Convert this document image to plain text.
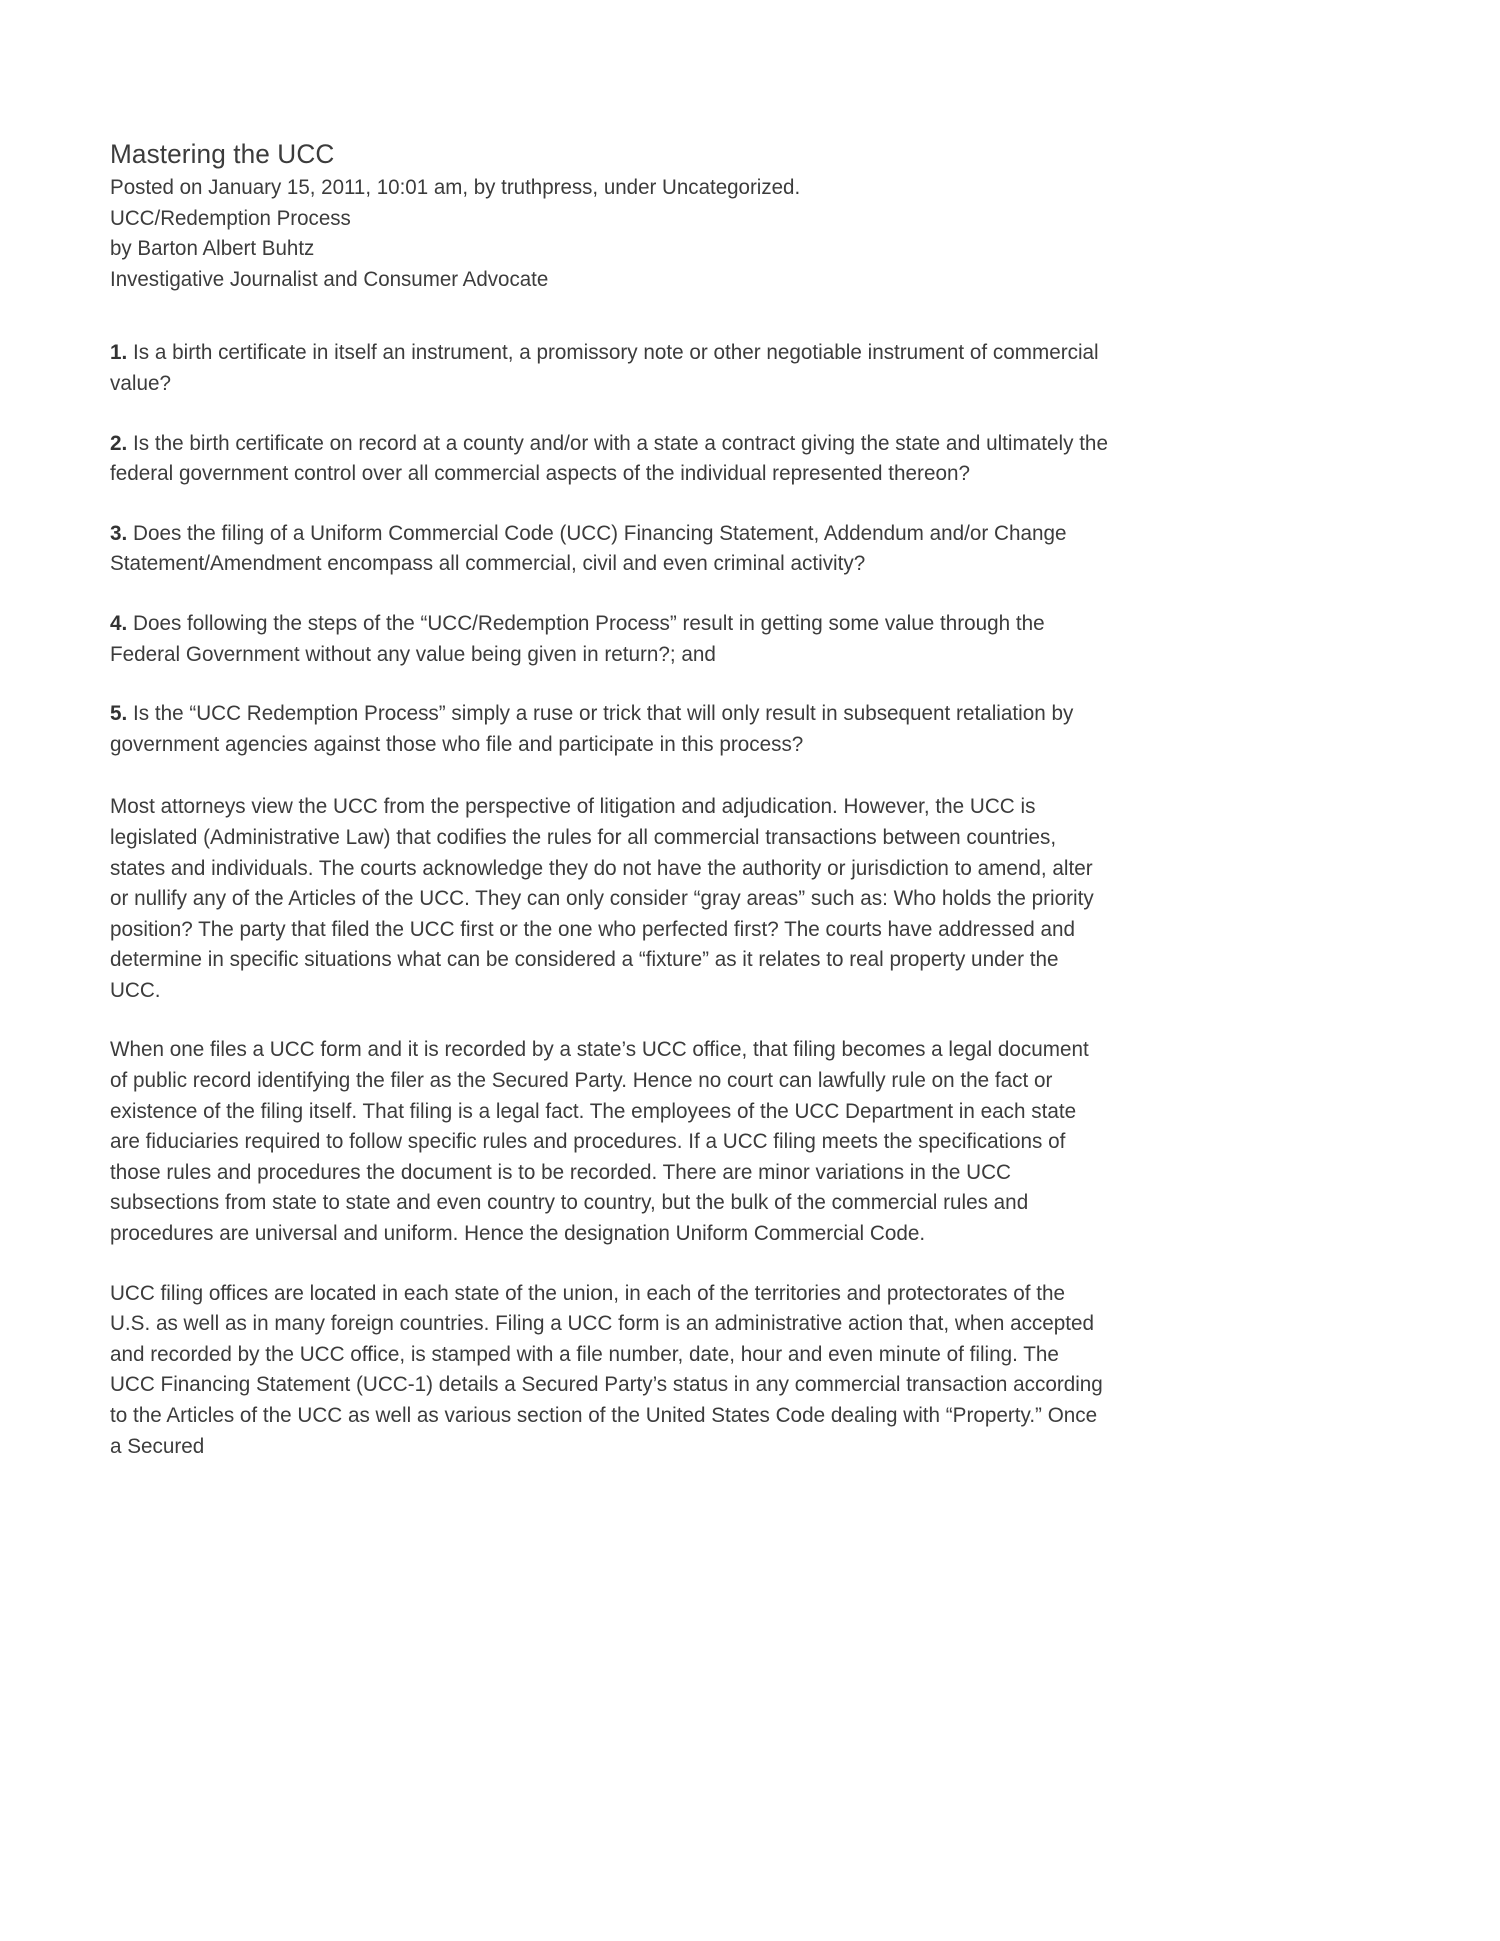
Mastering the UCC
Posted on January 15, 2011, 10:01 am, by truthpress, under Uncategorized.
UCC/Redemption Process
by Barton Albert Buhtz
Investigative Journalist and Consumer Advocate

1. Is a birth certificate in itself an instrument, a promissory note or other negotiable instrument of commercial value?

2. Is the birth certificate on record at a county and/or with a state a contract giving the state and ultimately the federal government control over all commercial aspects of the individual represented thereon?

3. Does the filing of a Uniform Commercial Code (UCC) Financing Statement, Addendum and/or Change Statement/Amendment encompass all commercial, civil and even criminal activity?

4. Does following the steps of the “UCC/Redemption Process” result in getting some value through the Federal Government without any value being given in return?; and

5. Is the “UCC Redemption Process” simply a ruse or trick that will only result in subsequent retaliation by government agencies against those who file and participate in this process?

Most attorneys view the UCC from the perspective of litigation and adjudication. However, the UCC is legislated (Administrative Law) that codifies the rules for all commercial transactions between countries, states and individuals. The courts acknowledge they do not have the authority or jurisdiction to amend, alter or nullify any of the Articles of the UCC. They can only consider “gray areas” such as: Who holds the priority position? The party that filed the UCC first or the one who perfected first? The courts have addressed and determine in specific situations what can be considered a “fixture” as it relates to real property under the UCC.

When one files a UCC form and it is recorded by a state’s UCC office, that filing becomes a legal document of public record identifying the filer as the Secured Party. Hence no court can lawfully rule on the fact or existence of the filing itself. That filing is a legal fact. The employees of the UCC Department in each state are fiduciaries required to follow specific rules and procedures. If a UCC filing meets the specifications of those rules and procedures the document is to be recorded. There are minor variations in the UCC subsections from state to state and even country to country, but the bulk of the commercial rules and procedures are universal and uniform. Hence the designation Uniform Commercial Code.

UCC filing offices are located in each state of the union, in each of the territories and protectorates of the U.S. as well as in many foreign countries. Filing a UCC form is an administrative action that, when accepted and recorded by the UCC office, is stamped with a file number, date, hour and even minute of filing. The UCC Financing Statement (UCC-1) details a Secured Party’s status in any commercial transaction according to the Articles of the UCC as well as various section of the United States Code dealing with “Property.” Once a Secured
